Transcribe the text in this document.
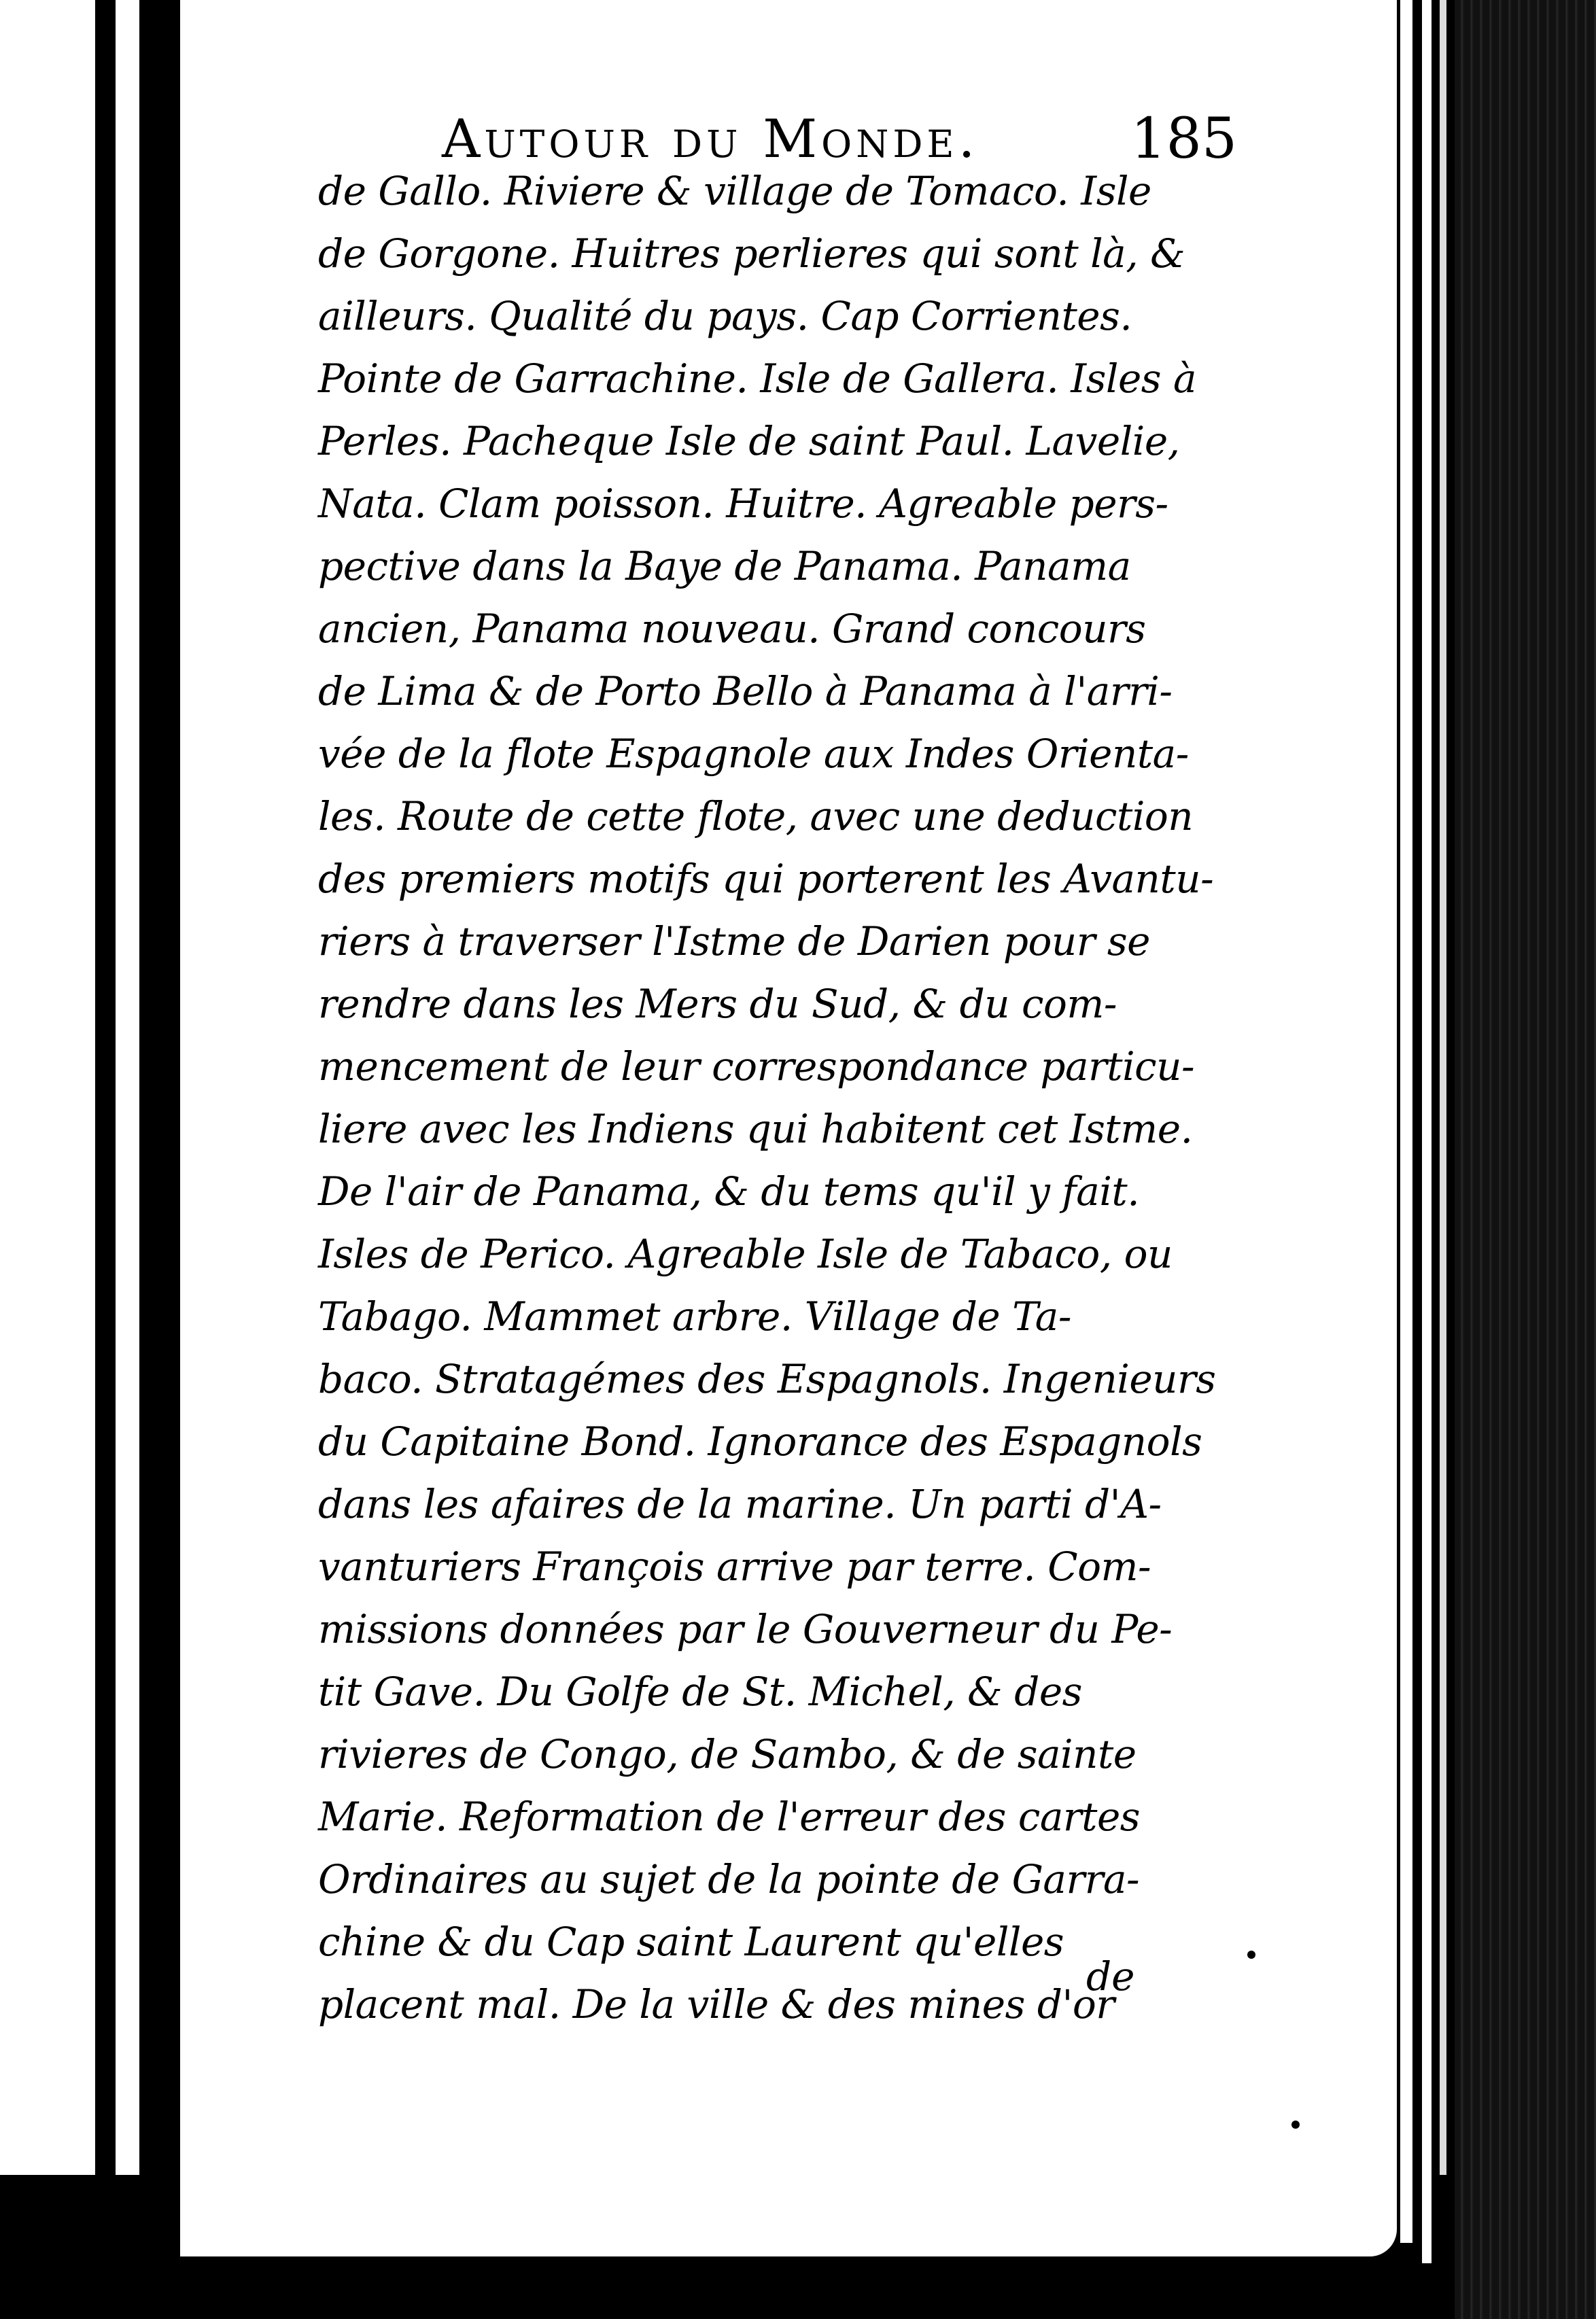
Autour du Monde.	185
de Gallo. Riviere & village de Tomaco. Isle
de Gorgone. Huitres perlieres qui sont là, &
ailleurs. Qualité du pays. Cap Corrientes.
Pointe de Garrachine. Isle de Gallera. Isles à
Perles. Pacheque Isle de saint Paul. Lavelie,
Nata. Clam poisson. Huitre. Agreable pers-
pective dans la Baye de Panama. Panama
ancien, Panama nouveau. Grand concours
de Lima & de Porto Bello à Panama à l'arri-
vée de la flote Espagnole aux Indes Orienta-
les. Route de cette flote, avec une deduction
des premiers motifs qui porterent les Avantu-
riers à traverser l'Istme de Darien pour se
rendre dans les Mers du Sud, & du com-
mencement de leur correspondance particu-
liere avec les Indiens qui habitent cet Istme.
De l'air de Panama, & du tems qu'il y fait.
Isles de Perico. Agreable Isle de Tabaco, ou
Tabago. Mammet arbre. Village de Ta-
baco. Stratagémes des Espagnols. Ingenieurs
du Capitaine Bond. Ignorance des Espagnols
dans les afaires de la marine. Un parti d'A-
vanturiers François arrive par terre. Com-
missions données par le Gouverneur du Pe-
tit Gave. Du Golfe de St. Michel, & des
rivieres de Congo, de Sambo, & de sainte
Marie. Reformation de l'erreur des cartes
Ordinaires au sujet de la pointe de Garra-
chine & du Cap saint Laurent qu'elles
placent mal. De la ville & des mines d'or
de
